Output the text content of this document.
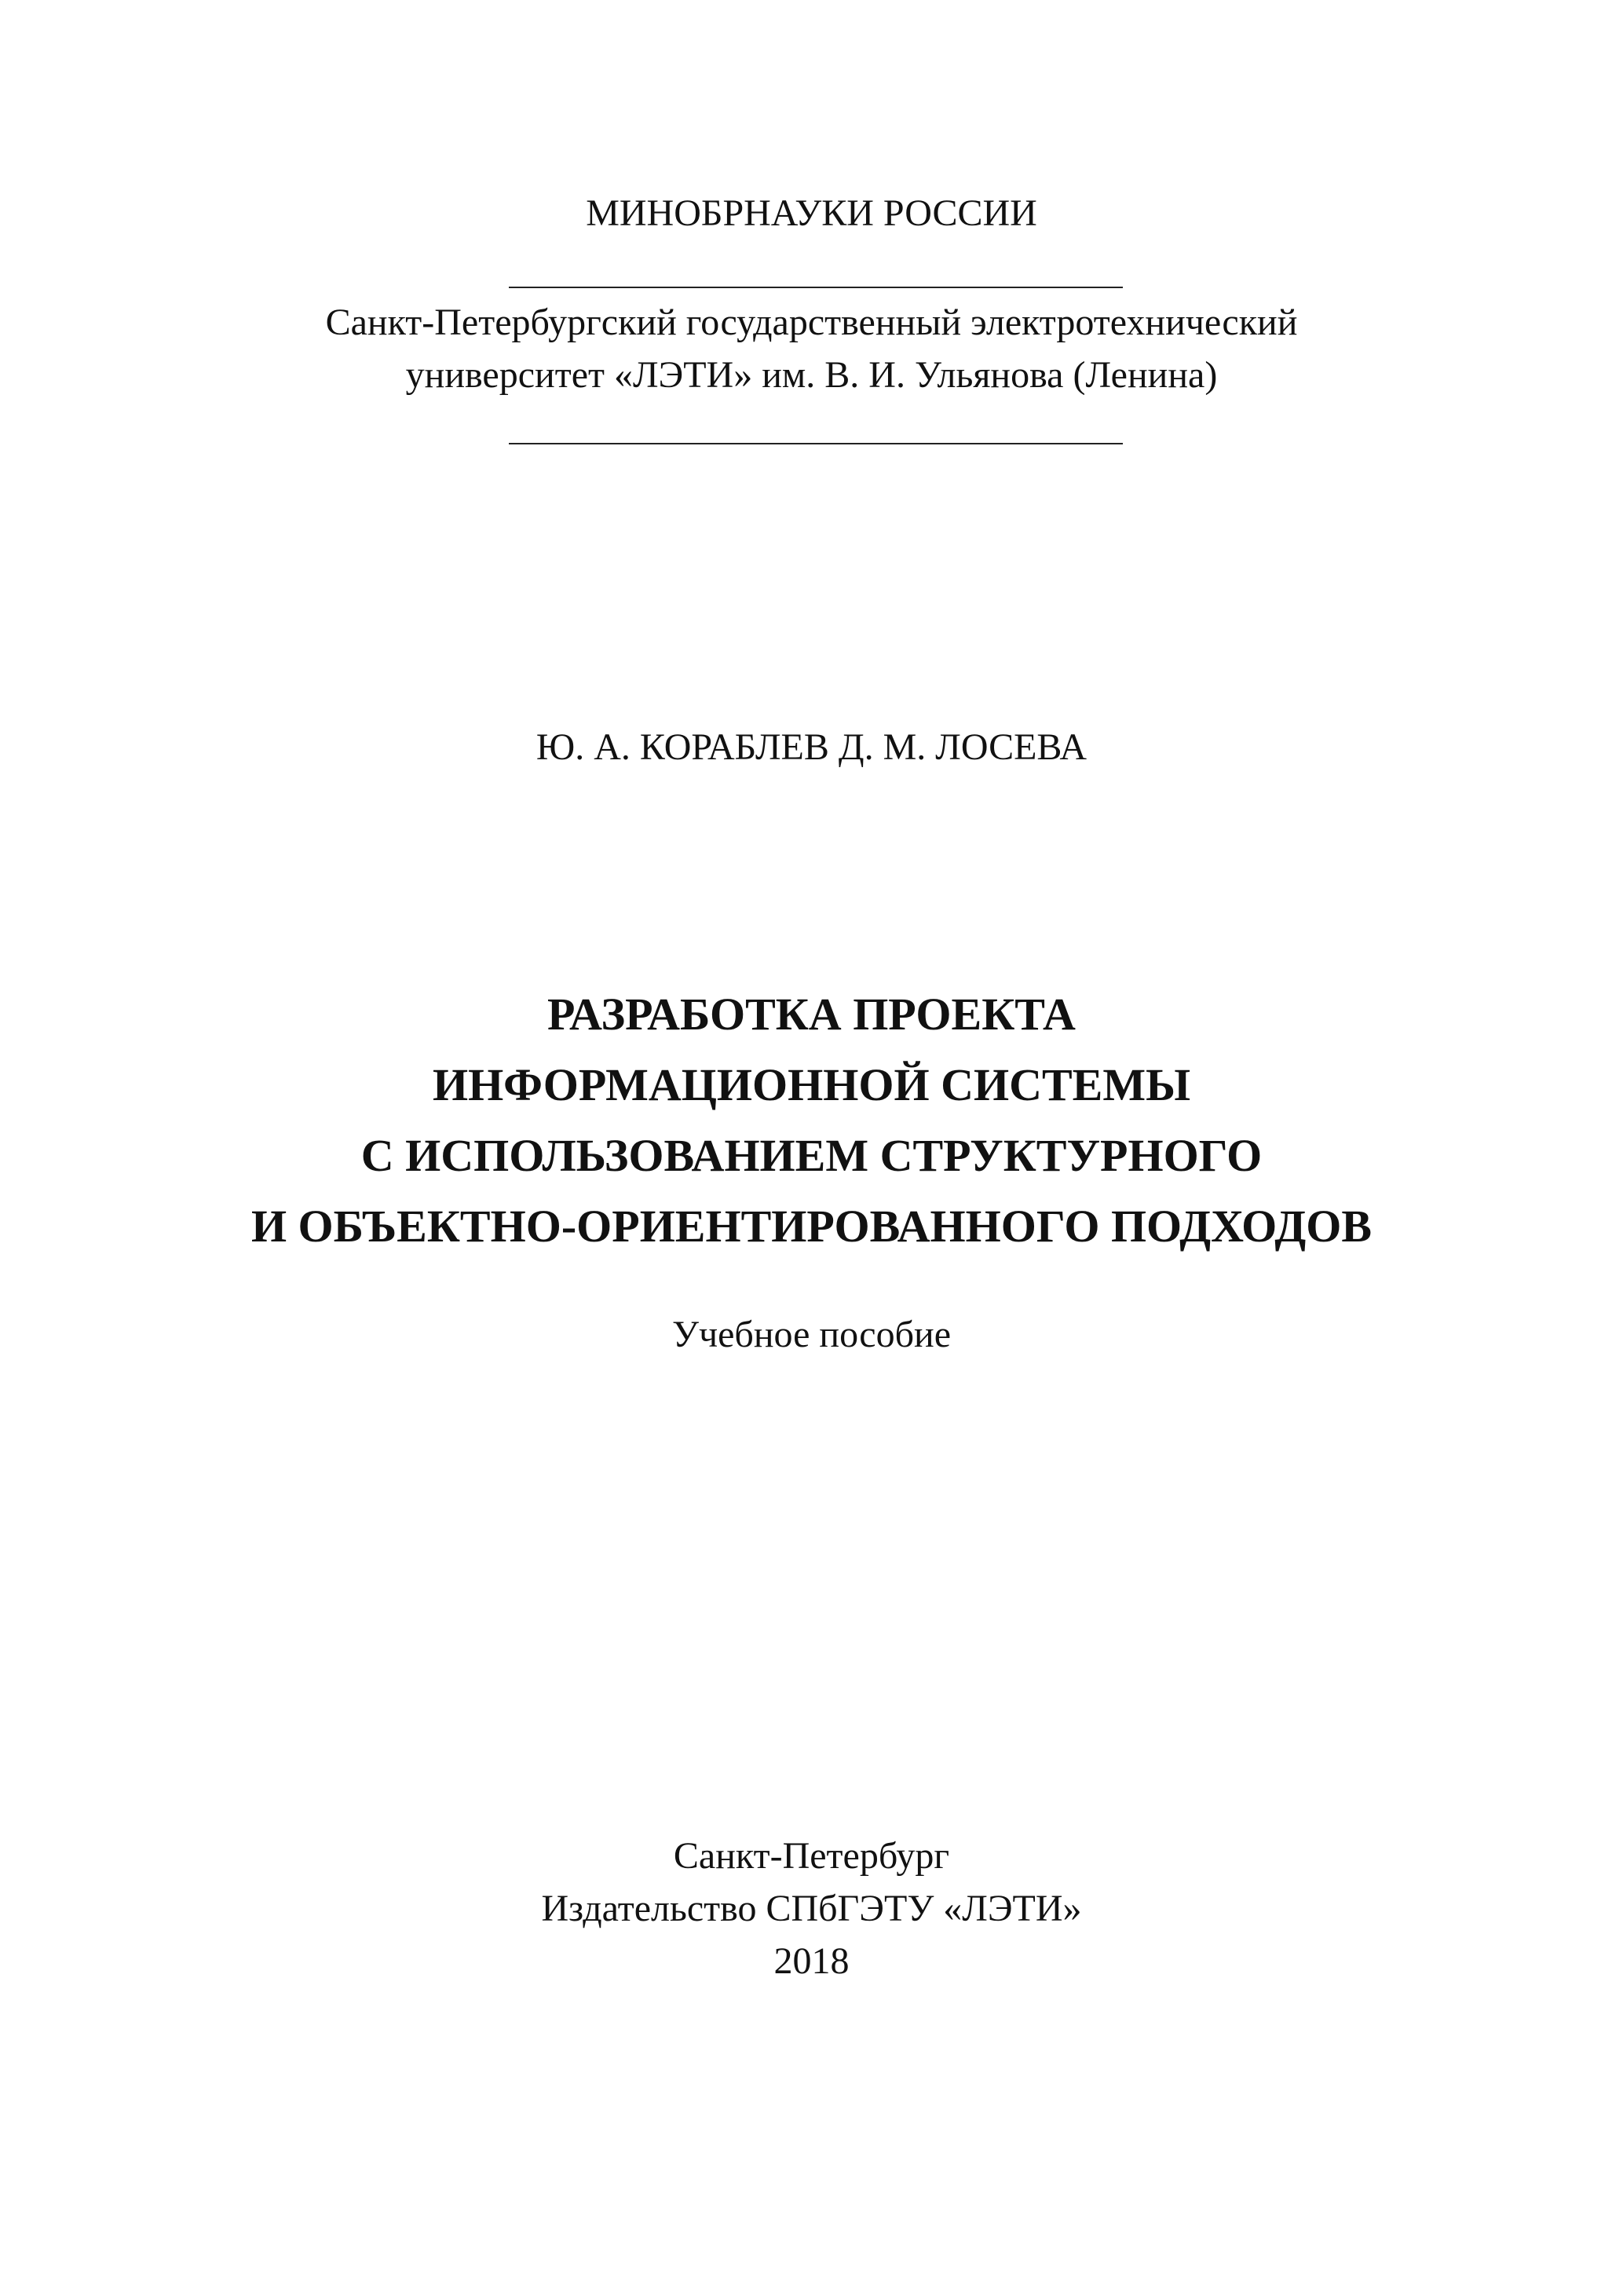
МИНОБРНАУКИ РОССИИ
Санкт-Петербургский государственный электротехнический
университет «ЛЭТИ» им. В. И. Ульянова (Ленина)
Ю. А. КОРАБЛЕВ Д. М. ЛОСЕВА
РАЗРАБОТКА ПРОЕКТА
ИНФОРМАЦИОННОЙ СИСТЕМЫ
С ИСПОЛЬЗОВАНИЕМ СТРУКТУРНОГО
И ОБЪЕКТНО-ОРИЕНТИРОВАННОГО ПОДХОДОВ
Учебное пособие
Санкт-Петербург
Издательство СПбГЭТУ «ЛЭТИ»
2018
